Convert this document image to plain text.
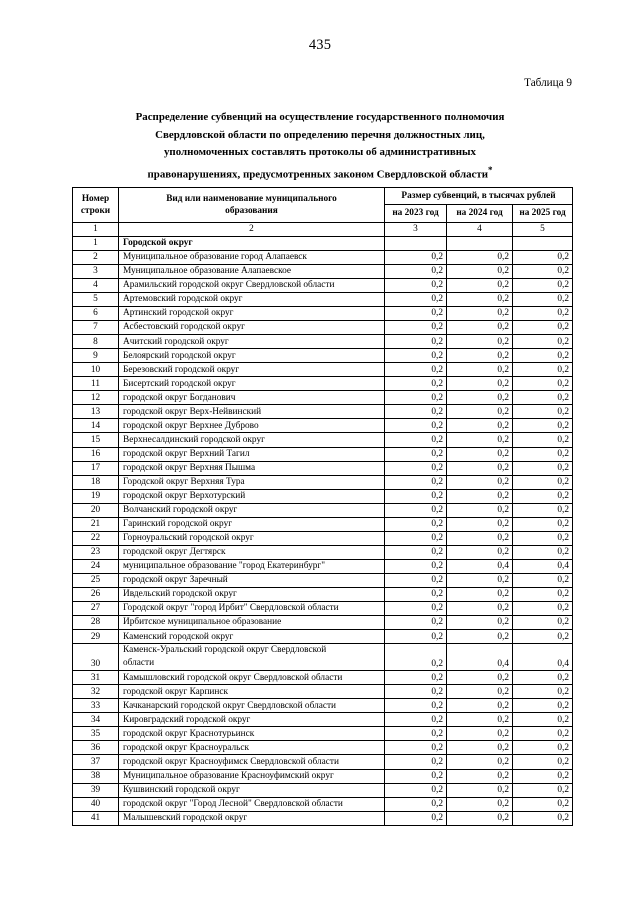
435
Таблица 9
Распределение субвенций на осуществление государственного полномочия
Свердловской области по определению перечня должностных лиц,
уполномоченных составлять протоколы об административных
правонарушениях, предусмотренных законом Свердловской области*
Номер
строки	Вид или наименование муниципального
образования	Размер субвенций, в тысячах рублей		
		на 2023 год	на 2024 год	на 2025 год
1	2	3	4	5
1	Городской округ			
2	Муниципальное образование город Алапаевск	0,2	0,2	0,2
3	Муниципальное образование Алапаевское	0,2	0,2	0,2
4	Арамильский городской округ Свердловской области	0,2	0,2	0,2
5	Артемовский городской округ	0,2	0,2	0,2
6	Артинский городской округ	0,2	0,2	0,2
7	Асбестовский городской округ	0,2	0,2	0,2
8	Ачитский городской округ	0,2	0,2	0,2
9	Белоярский городской округ	0,2	0,2	0,2
10	Березовский городской округ	0,2	0,2	0,2
11	Бисертский городской округ	0,2	0,2	0,2
12	городской округ Богданович	0,2	0,2	0,2
13	городской округ Верх-Нейвинский	0,2	0,2	0,2
14	городской округ Верхнее Дуброво	0,2	0,2	0,2
15	Верхнесалдинский городской округ	0,2	0,2	0,2
16	городской округ Верхний Тагил	0,2	0,2	0,2
17	городской округ Верхняя Пышма	0,2	0,2	0,2
18	Городской округ Верхняя Тура	0,2	0,2	0,2
19	городской округ Верхотурский	0,2	0,2	0,2
20	Волчанский городской округ	0,2	0,2	0,2
21	Гаринский городской округ	0,2	0,2	0,2
22	Горноуральский городской округ	0,2	0,2	0,2
23	городской округ Дегтярск	0,2	0,2	0,2
24	муниципальное образование "город Екатеринбург"	0,2	0,4	0,4
25	городской округ Заречный	0,2	0,2	0,2
26	Ивдельский городской округ	0,2	0,2	0,2
27	Городской округ "город Ирбит" Свердловской области	0,2	0,2	0,2
28	Ирбитское муниципальное образование	0,2	0,2	0,2
29	Каменский городской округ	0,2	0,2	0,2
30	Каменск-Уральский городской округ Свердловской
области	0,2	0,4	0,4
31	Камышловский городской округ Свердловской области	0,2	0,2	0,2
32	городской округ Карпинск	0,2	0,2	0,2
33	Качканарский городской округ Свердловской области	0,2	0,2	0,2
34	Кировградский городской округ	0,2	0,2	0,2
35	городской округ Краснотурьинск	0,2	0,2	0,2
36	городской округ Красноуральск	0,2	0,2	0,2
37	городской округ Красноуфимск Свердловской области	0,2	0,2	0,2
38	Муниципальное образование Красноуфимский округ	0,2	0,2	0,2
39	Кушвинский городской округ	0,2	0,2	0,2
40	городской округ "Город Лесной" Свердловской области	0,2	0,2	0,2
41	Малышевский городской округ	0,2	0,2	0,2
